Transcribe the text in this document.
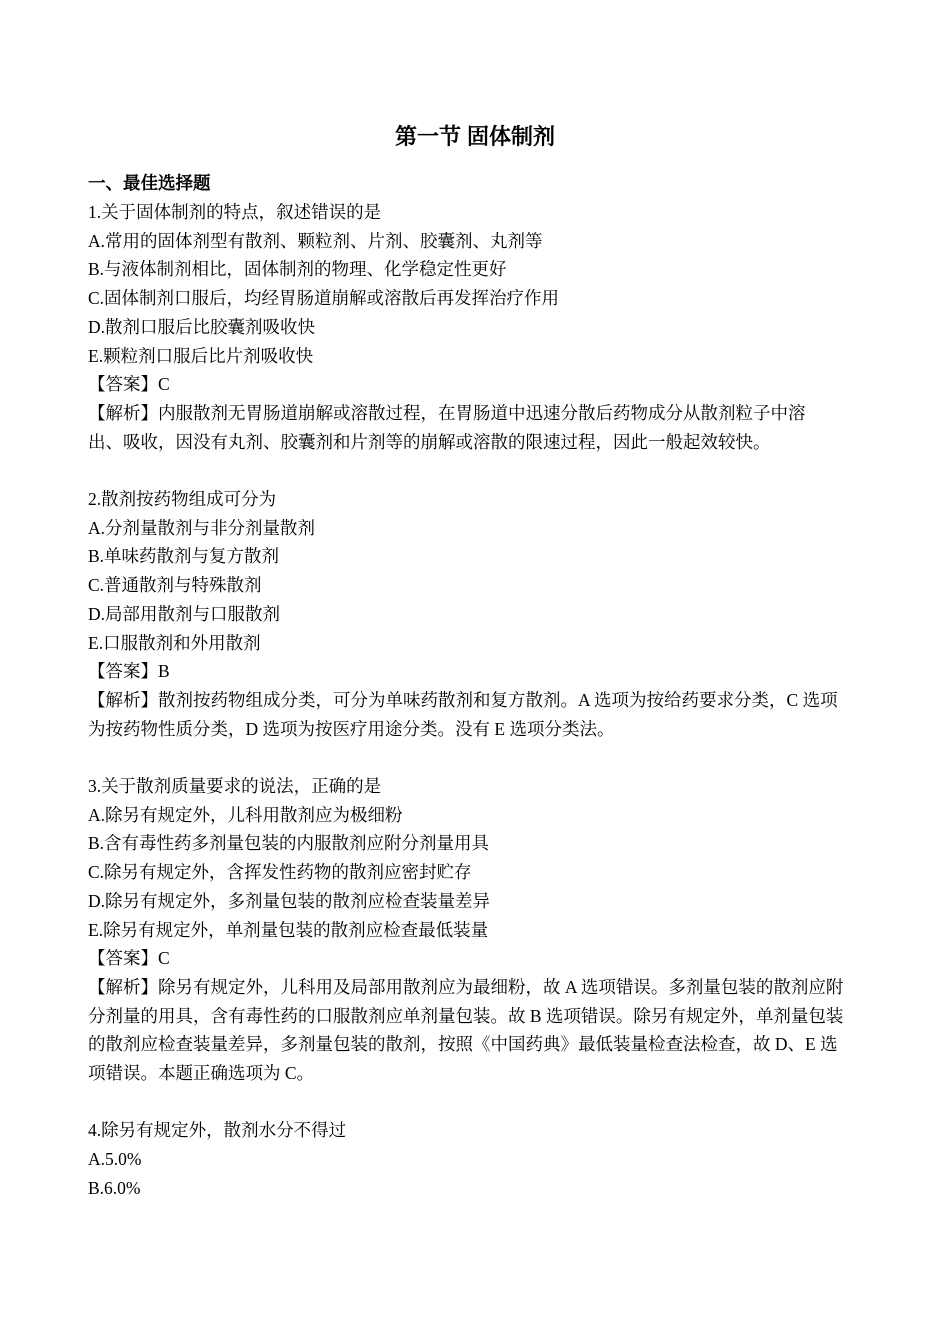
第一节 固体制剂
一、最佳选择题

1.关于固体制剂的特点，叙述错误的是

A.常用的固体剂型有散剂、颗粒剂、片剂、胶囊剂、丸剂等

B.与液体制剂相比，固体制剂的物理、化学稳定性更好

C.固体制剂口服后，均经胃肠道崩解或溶散后再发挥治疗作用

D.散剂口服后比胶囊剂吸收快

E.颗粒剂口服后比片剂吸收快

【答案】C

【解析】内服散剂无胃肠道崩解或溶散过程，在胃肠道中迅速分散后药物成分从散剂粒子中溶

出、吸收，因没有丸剂、胶囊剂和片剂等的崩解或溶散的限速过程，因此一般起效较快。

2.散剂按药物组成可分为

A.分剂量散剂与非分剂量散剂

B.单味药散剂与复方散剂

C.普通散剂与特殊散剂

D.局部用散剂与口服散剂

E.口服散剂和外用散剂

【答案】B

【解析】散剂按药物组成分类，可分为单味药散剂和复方散剂。A 选项为按给药要求分类，C 选项

为按药物性质分类，D 选项为按医疗用途分类。没有 E 选项分类法。

3.关于散剂质量要求的说法，正确的是

A.除另有规定外，儿科用散剂应为极细粉

B.含有毒性药多剂量包装的内服散剂应附分剂量用具

C.除另有规定外，含挥发性药物的散剂应密封贮存

D.除另有规定外，多剂量包装的散剂应检查装量差异

E.除另有规定外，单剂量包装的散剂应检查最低装量

【答案】C

【解析】除另有规定外，儿科用及局部用散剂应为最细粉，故 A 选项错误。多剂量包装的散剂应附

分剂量的用具，含有毒性药的口服散剂应单剂量包装。故 B 选项错误。除另有规定外，单剂量包装

的散剂应检查装量差异，多剂量包装的散剂，按照《中国药典》最低装量检查法检查，故 D、E 选

项错误。本题正确选项为 C。

4.除另有规定外，散剂水分不得过

A.5.0%

B.6.0%
